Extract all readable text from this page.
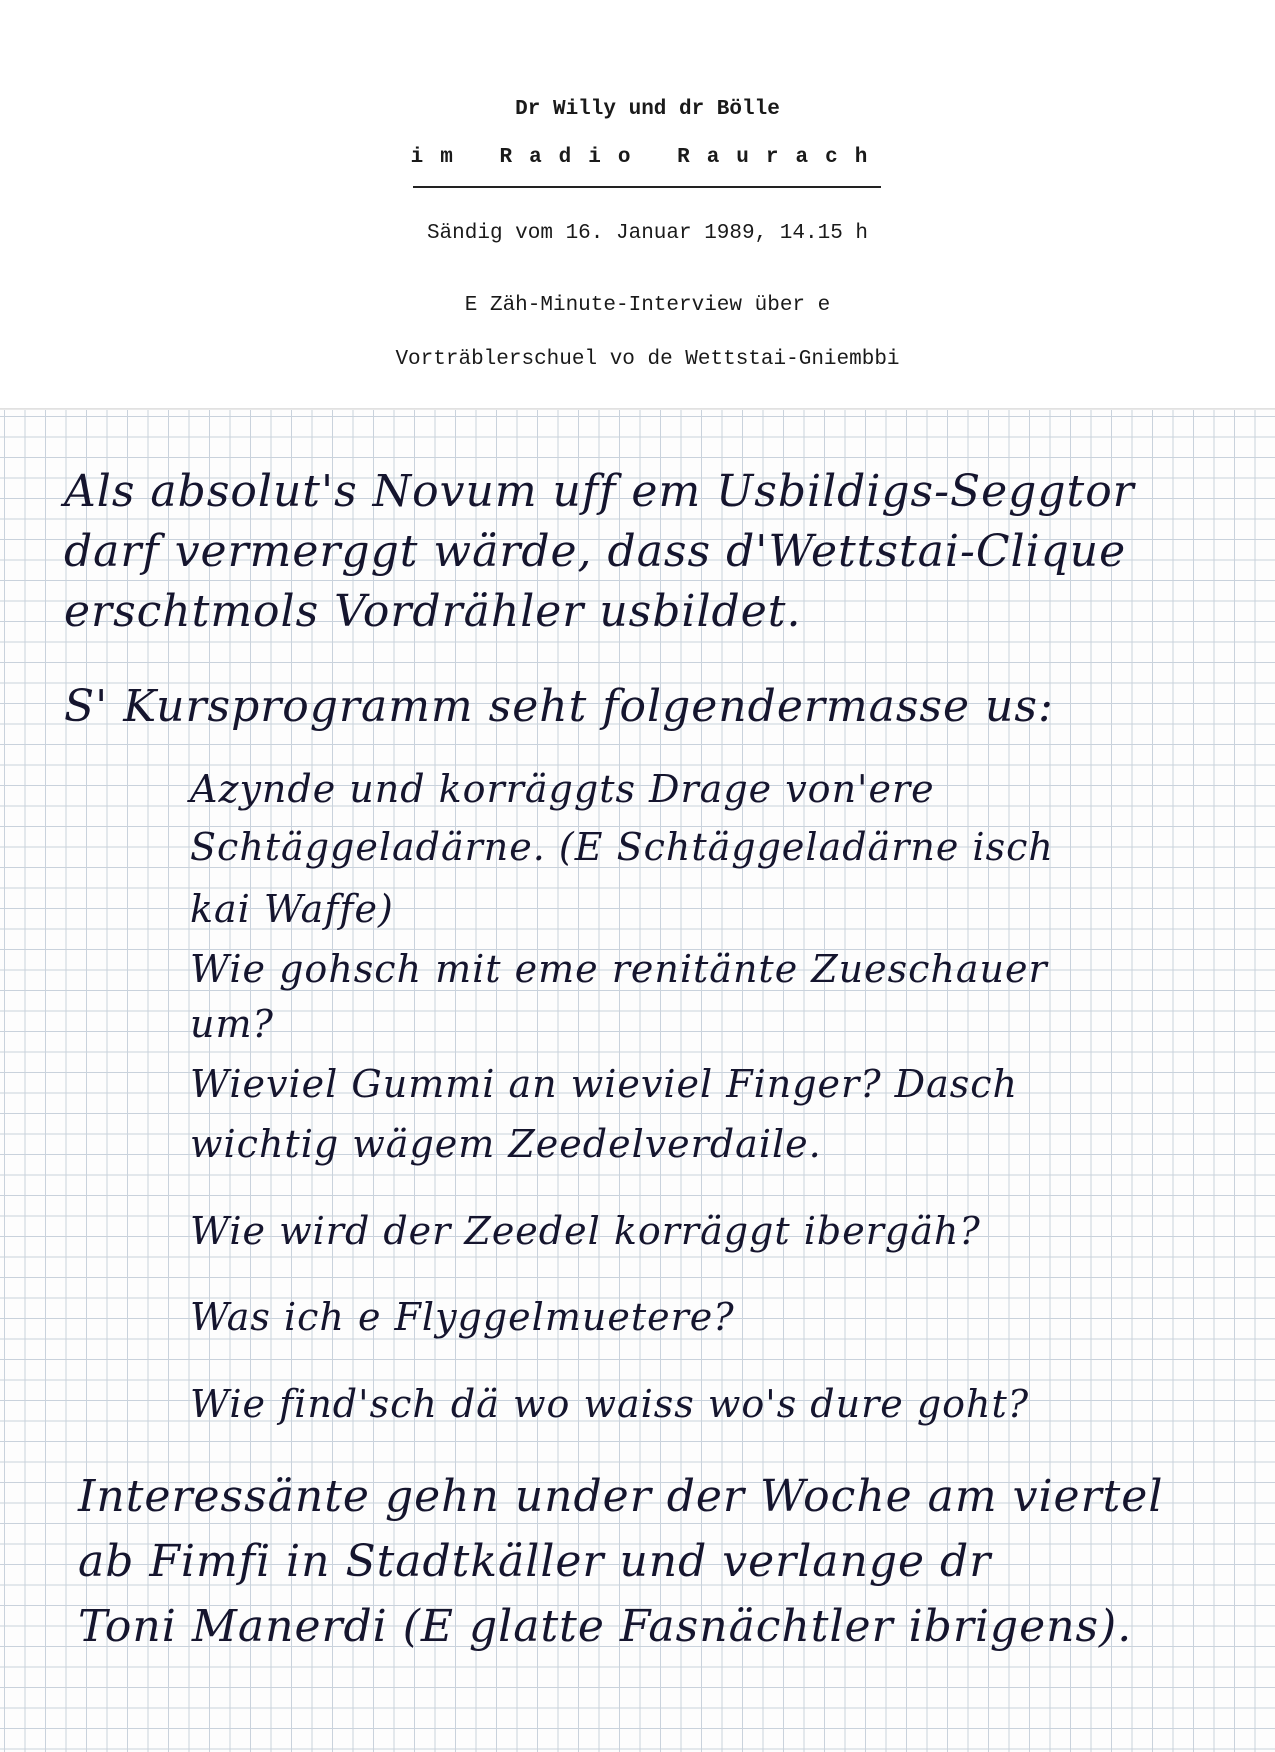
Dr Willy und dr Bölle
im Radio Raurach
Sändig vom 16. Januar 1989, 14.15 h
E Zäh-Minute-Interview über e
Vorträblerschuel vo de Wettstai-Gniembbi
Als absolut's Novum uff em Usbildigs-Seggtor
darf vermerggt wärde, dass d'Wettstai-Clique
erschtmols Vordrähler usbildet.
S' Kursprogramm seht folgendermasse us:
Azynde und korräggts Drage von'ere
Schtäggeladärne. (E Schtäggeladärne isch
kai Waffe)
Wie gohsch mit eme renitänte Zueschauer
um?
Wieviel Gummi an wieviel Finger? Dasch
wichtig wägem Zeedelverdaile.
Wie wird der Zeedel korräggt ibergäh?
Was ich e Flyggelmuetere?
Wie find'sch dä wo waiss wo's dure goht?
Interessänte gehn under der Woche am viertel
ab Fimfi in Stadtkäller und verlange dr
Toni Manerdi (E glatte Fasnächtler ibrigens).
